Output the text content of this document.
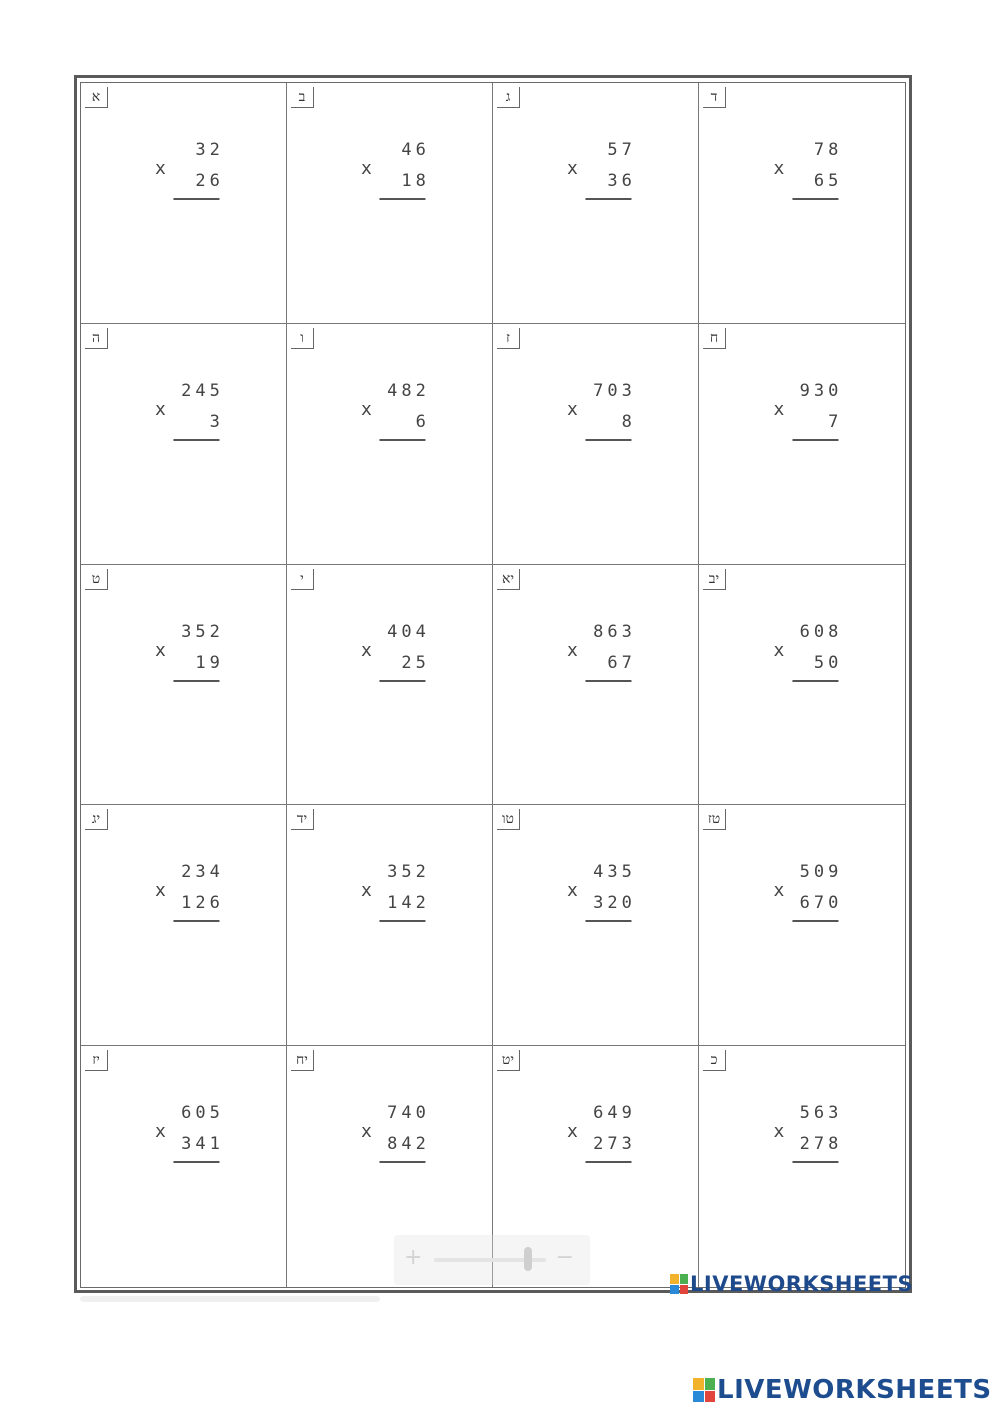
א
x
32
26
ב
x
46
18
ג
x
57
36
ד
x
78
65
ה
x
245
3
ו
x
482
6
ז
x
703
8
ח
x
930
7
ט
x
352
19
י
x
404
25
יא
x
863
67
יב
x
608
50
יג
x
234
126
יד
x
352
142
טו
x
435
320
טז
x
509
670
יז
x
605
341
יח
x
740
842
יט
x
649
273
כ
x
563
278
+	−
LIVEWORKSHEETS
LIVEWORKSHEETS
